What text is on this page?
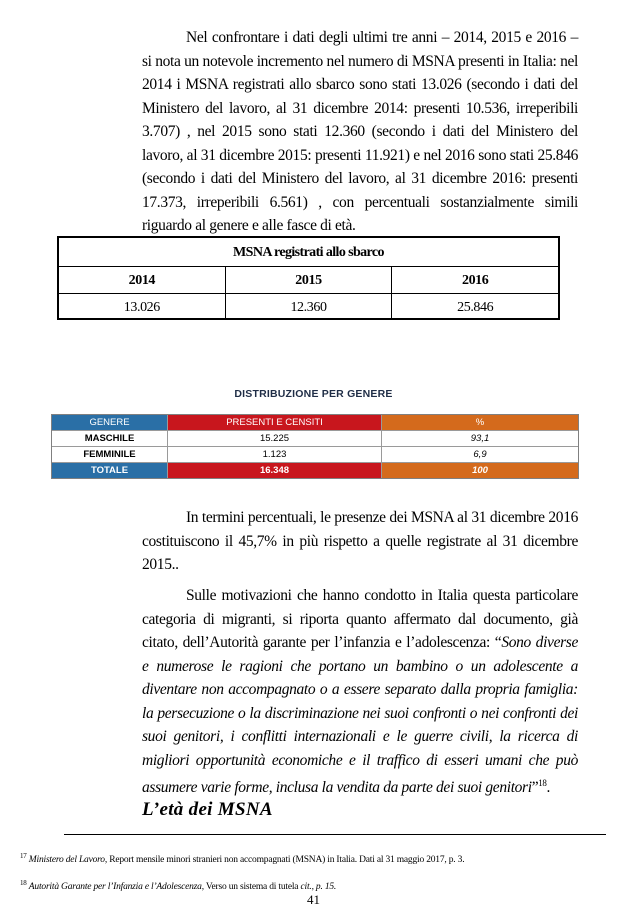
Nel confrontare i dati degli ultimi tre anni – 2014, 2015 e 2016 – si nota un notevole incremento nel numero di MSNA presenti in Italia: nel 2014 i MSNA registrati allo sbarco sono stati 13.026 (secondo i dati del Ministero del lavoro, al 31 dicembre 2014: presenti 10.536, irreperibili 3.707) , nel 2015 sono stati 12.360 (secondo i dati del Ministero del lavoro, al 31 dicembre 2015: presenti 11.921) e nel 2016 sono stati 25.846 (secondo i dati del Ministero del lavoro, al 31 dicembre 2016: presenti 17.373, irreperibili 6.561) , con percentuali sostanzialmente simili riguardo al genere e alle fasce di età.

MSNA registrati allo sbarco
2014	2015	2016
13.026	12.360	25.846
DISTRIBUZIONE PER GENERE
GENERE	PRESENTI E CENSITI	%
MASCHILE	15.225	93,1
FEMMINILE	1.123	6,9
TOTALE	16.348	100

In termini percentuali, le presenze dei MSNA al 31 dicembre 2016 costituiscono il 45,7% in più rispetto a quelle registrate al 31 dicembre 2015..

Sulle motivazioni che hanno condotto in Italia questa particolare categoria di migranti, si riporta quanto affermato dal documento, già citato, dell’Autorità garante per l’infanzia e l’adolescenza: “Sono diverse e numerose le ragioni che portano un bambino o un adolescente a diventare non accompagnato o a essere separato dalla propria famiglia: la persecuzione o la discriminazione nei suoi confronti o nei confronti dei suoi genitori, i conflitti internazionali e le guerre civili, la ricerca di migliori opportunità economiche e il traffico di esseri umani che può assumere varie forme, inclusa la vendita da parte dei suoi genitori”$^{18}$.

L’età dei MSNA

$^{17}$ Ministero del Lavoro, Report mensile minori stranieri non accompagnati (MSNA) in Italia. Dati al 31 maggio 2017, p. 3.

$^{18}$ Autorità Garante per l’Infanzia e l’Adolescenza, Verso un sistema di tutela cit., p. 15.

41
